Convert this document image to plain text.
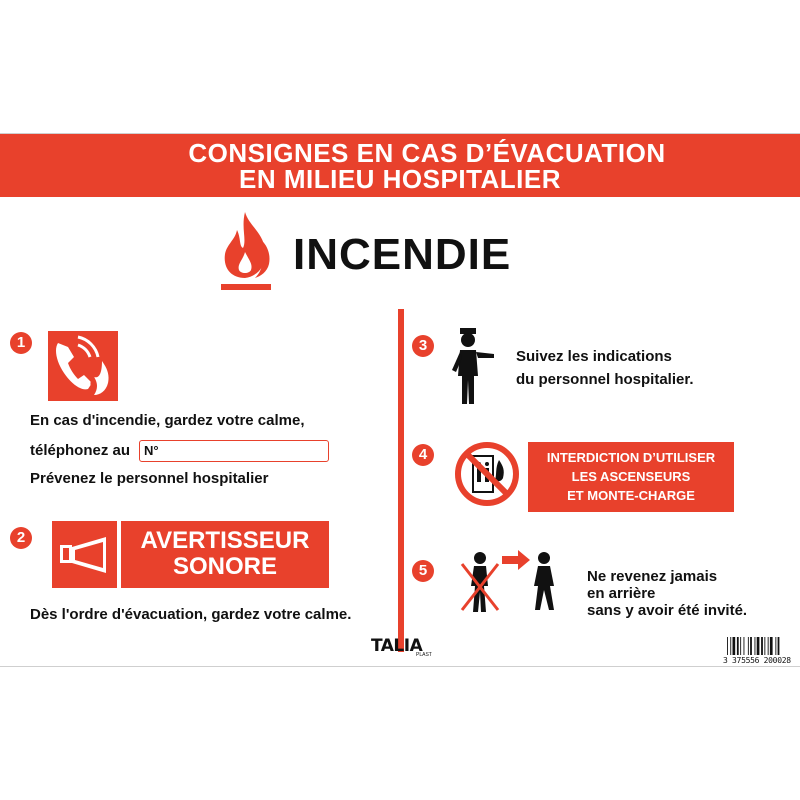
CONSIGNES EN CAS D’ÉVACUATION
EN MILIEU HOSPITALIER
INCENDIE
1
En cas d'incendie, gardez votre calme,
téléphonez au N°
Prévenez le personnel hospitalier
2	AVERTISSEUR
SONORE
Dès l'ordre d'évacuation, gardez votre calme.
3
Suivez les indications
du personnel hospitalier.
4	INTERDICTION D’UTILISER
LES ASCENSEURS
ET MONTE-CHARGE
5	Ne revenez jamais
en arrière
sans y avoir été invité.
TALIA
PLAST
3 375556 200028
